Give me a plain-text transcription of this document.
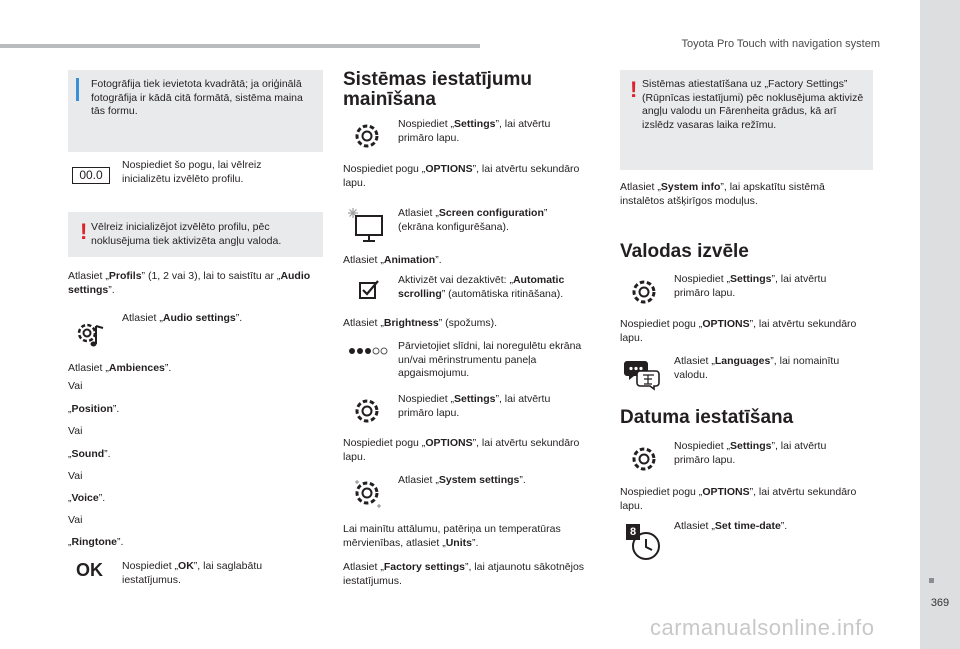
Toyota Pro Touch with navigation system
369
carmanualsonline.info
Fotogrāfija tiek ievietota kvadrātā; ja oriģinālā fotogrāfija ir kādā citā formātā, sistēma maina tās formu.
00.0
Nospiediet šo pogu, lai vēlreiz inicializētu izvēlēto profilu.
! Vēlreiz inicializējot izvēlēto profilu, pēc noklusējuma tiek aktivizēta angļu valoda.
Atlasiet „Profils” (1, 2 vai 3), lai to saistītu ar „Audio settings”.
Atlasiet „Audio settings”.
Atlasiet „Ambiences”.
Vai
„Position”.
Vai
„Sound”.
Vai
„Voice”.
Vai
„Ringtone”.
OK Nospiediet „OK”, lai saglabātu iestatījumus.
Sistēmas iestatījumu mainīšana
Nospiediet „Settings”, lai atvērtu primāro lapu.
Nospiediet pogu „OPTIONS”, lai atvērtu sekundāro lapu.
Atlasiet „Screen configuration” (ekrāna konfigurēšana).
Atlasiet „Animation”.
Aktivizēt vai dezaktivēt: „Automatic scrolling” (automātiska ritināšana).
Atlasiet „Brightness” (spožums).
Pārvietojiet slīdni, lai noregulētu ekrāna un/vai mērinstrumentu paneļa apgaismojumu.
Nospiediet „Settings”, lai atvērtu primāro lapu.
Nospiediet pogu „OPTIONS”, lai atvērtu sekundāro lapu.
Atlasiet „System settings”.
Lai mainītu attālumu, patēriņa un temperatūras mērvienības, atlasiet „Units”.
Atlasiet „Factory settings”, lai atjaunotu sākotnējos iestatījumus.
! Sistēmas atiestatīšana uz „Factory Settings” (Rūpnīcas iestatījumi) pēc noklusējuma aktivizē angļu valodu un Fārenheita grādus, kā arī izslēdz vasaras laika režīmu.
Atlasiet „System info”, lai apskatītu sistēmā instalētos atšķirīgos moduļus.
Valodas izvēle
Nospiediet „Settings”, lai atvērtu primāro lapu.
Nospiediet pogu „OPTIONS”, lai atvērtu sekundāro lapu.
Atlasiet „Languages”, lai nomainītu valodu.
Datuma iestatīšana
Nospiediet „Settings”, lai atvērtu primāro lapu.
Nospiediet pogu „OPTIONS”, lai atvērtu sekundāro lapu.
8	Atlasiet „Set time-date”.
